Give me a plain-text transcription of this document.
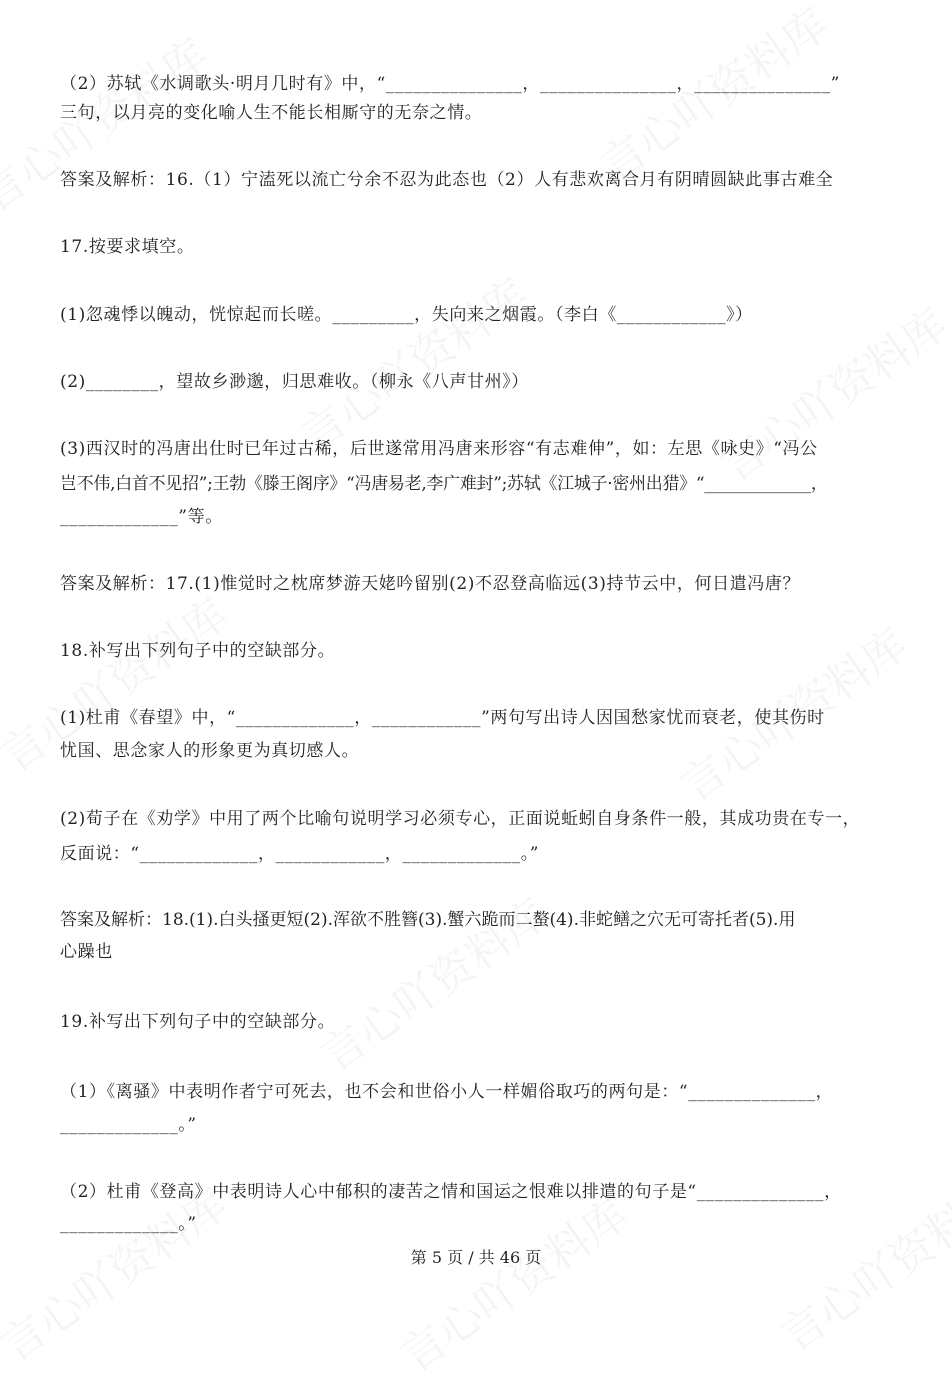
（2）苏轼《水调歌头·明月几时有》中，“_______________，_______________，_______________”
三句，以月亮的变化喻人生不能长相厮守的无奈之情。
答案及解析：16.（1）宁溘死以流亡兮余不忍为此态也（2）人有悲欢离合月有阴晴圆缺此事古难全
17.按要求填空。
(1)忽魂悸以魄动，恍惊起而长嗟。_________，失向来之烟霞。（李白《____________》）
(2)________，望故乡渺邈，归思难收。（柳永《八声甘州》）
(3)西汉时的冯唐出仕时已年过古稀，后世遂常用冯唐来形容“有志难伸”，如：左思《咏史》“冯公
岂不伟,白首不见招”;王勃《滕王阁序》“冯唐易老,李广难封”;苏轼《江城子·密州出猎》“_____________，
_____________”等。
答案及解析：17.(1)惟觉时之枕席梦游天姥吟留别(2)不忍登高临远(3)持节云中，何日遣冯唐？
18.补写出下列句子中的空缺部分。
(1)杜甫《春望》中，“_____________，____________”两句写出诗人因国愁家忧而衰老，使其伤时
忧国、思念家人的形象更为真切感人。
(2)荀子在《劝学》中用了两个比喻句说明学习必须专心，正面说蚯蚓自身条件一般，其成功贵在专一，
反面说：“_____________，____________，_____________。”
答案及解析：18.(1).白头搔更短(2).浑欲不胜簪(3).蟹六跪而二螯(4).非蛇鳝之穴无可寄托者(5).用
心躁也
19.补写出下列句子中的空缺部分。
（1）《离骚》中表明作者宁可死去，也不会和世俗小人一样媚俗取巧的两句是：“______________，
_____________。”
（2）杜甫《登高》中表明诗人心中郁积的凄苦之情和国运之恨难以排遣的句子是“______________，
_____________。”
第 5 页 / 共 46 页
